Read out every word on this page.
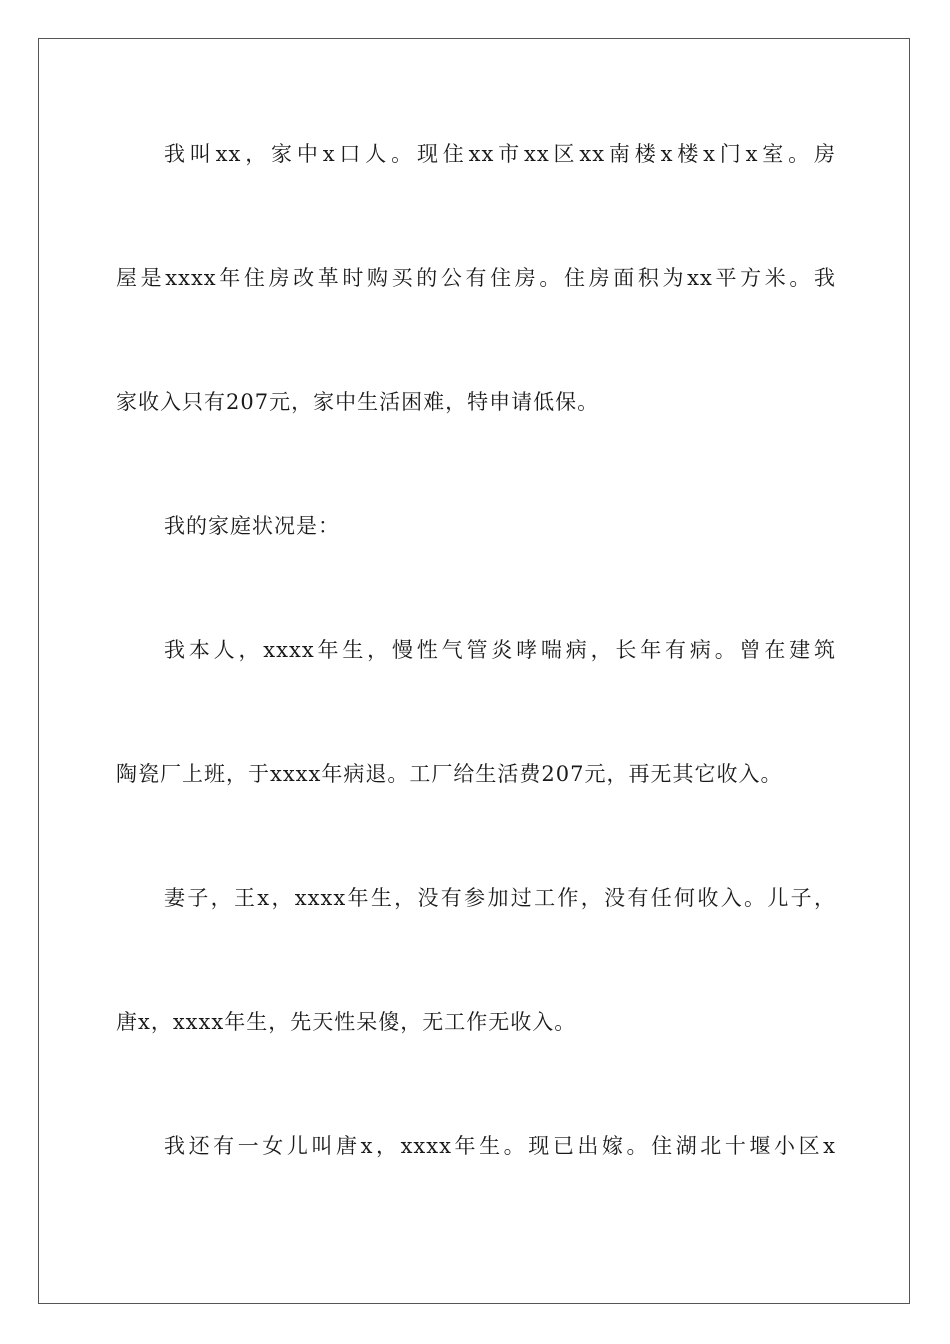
我叫xx，家中x口人。现住xx市xx区xx南楼x楼x门x室。房
屋是xxxx年住房改革时购买的公有住房。住房面积为xx平方米。我
家收入只有207元，家中生活困难，特申请低保。
我的家庭状况是：
我本人，xxxx年生，慢性气管炎哮喘病，长年有病。曾在建筑
陶瓷厂上班，于xxxx年病退。工厂给生活费207元，再无其它收入。
妻子，王x，xxxx年生，没有参加过工作，没有任何收入。儿子，
唐x，xxxx年生，先天性呆傻，无工作无收入。
我还有一女儿叫唐x，xxxx年生。现已出嫁。住湖北十堰小区x
